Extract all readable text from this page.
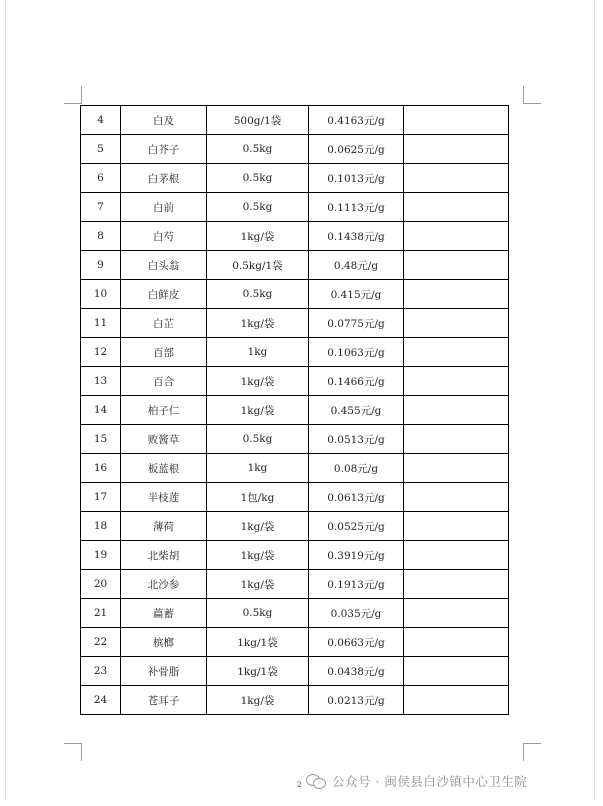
4	白及	500g/1袋	0.4163元/g	
5	白芥子	0.5kg	0.0625元/g	
6	白茅根	0.5kg	0.1013元/g	
7	白前	0.5kg	0.1113元/g	
8	白芍	1kg/袋	0.1438元/g	
9	白头翁	0.5kg/1袋	0.48元/g	
10	白鲜皮	0.5kg	0.415元/g	
11	白芷	1kg/袋	0.0775元/g	
12	百部	1kg	0.1063元/g	
13	百合	1kg/袋	0.1466元/g	
14	柏子仁	1kg/袋	0.455元/g	
15	败酱草	0.5kg	0.0513元/g	
16	板蓝根	1kg	0.08元/g	
17	半枝莲	1包/kg	0.0613元/g	
18	薄荷	1kg/袋	0.0525元/g	
19	北柴胡	1kg/袋	0.3919元/g	
20	北沙参	1kg/袋	0.1913元/g	
21	萹蓄	0.5kg	0.035元/g	
22	槟榔	1kg/1袋	0.0663元/g	
23	补骨脂	1kg/1袋	0.0438元/g	
24	苍耳子	1kg/袋	0.0213元/g	
2 公众号 · 闽侯县白沙镇中心卫生院
